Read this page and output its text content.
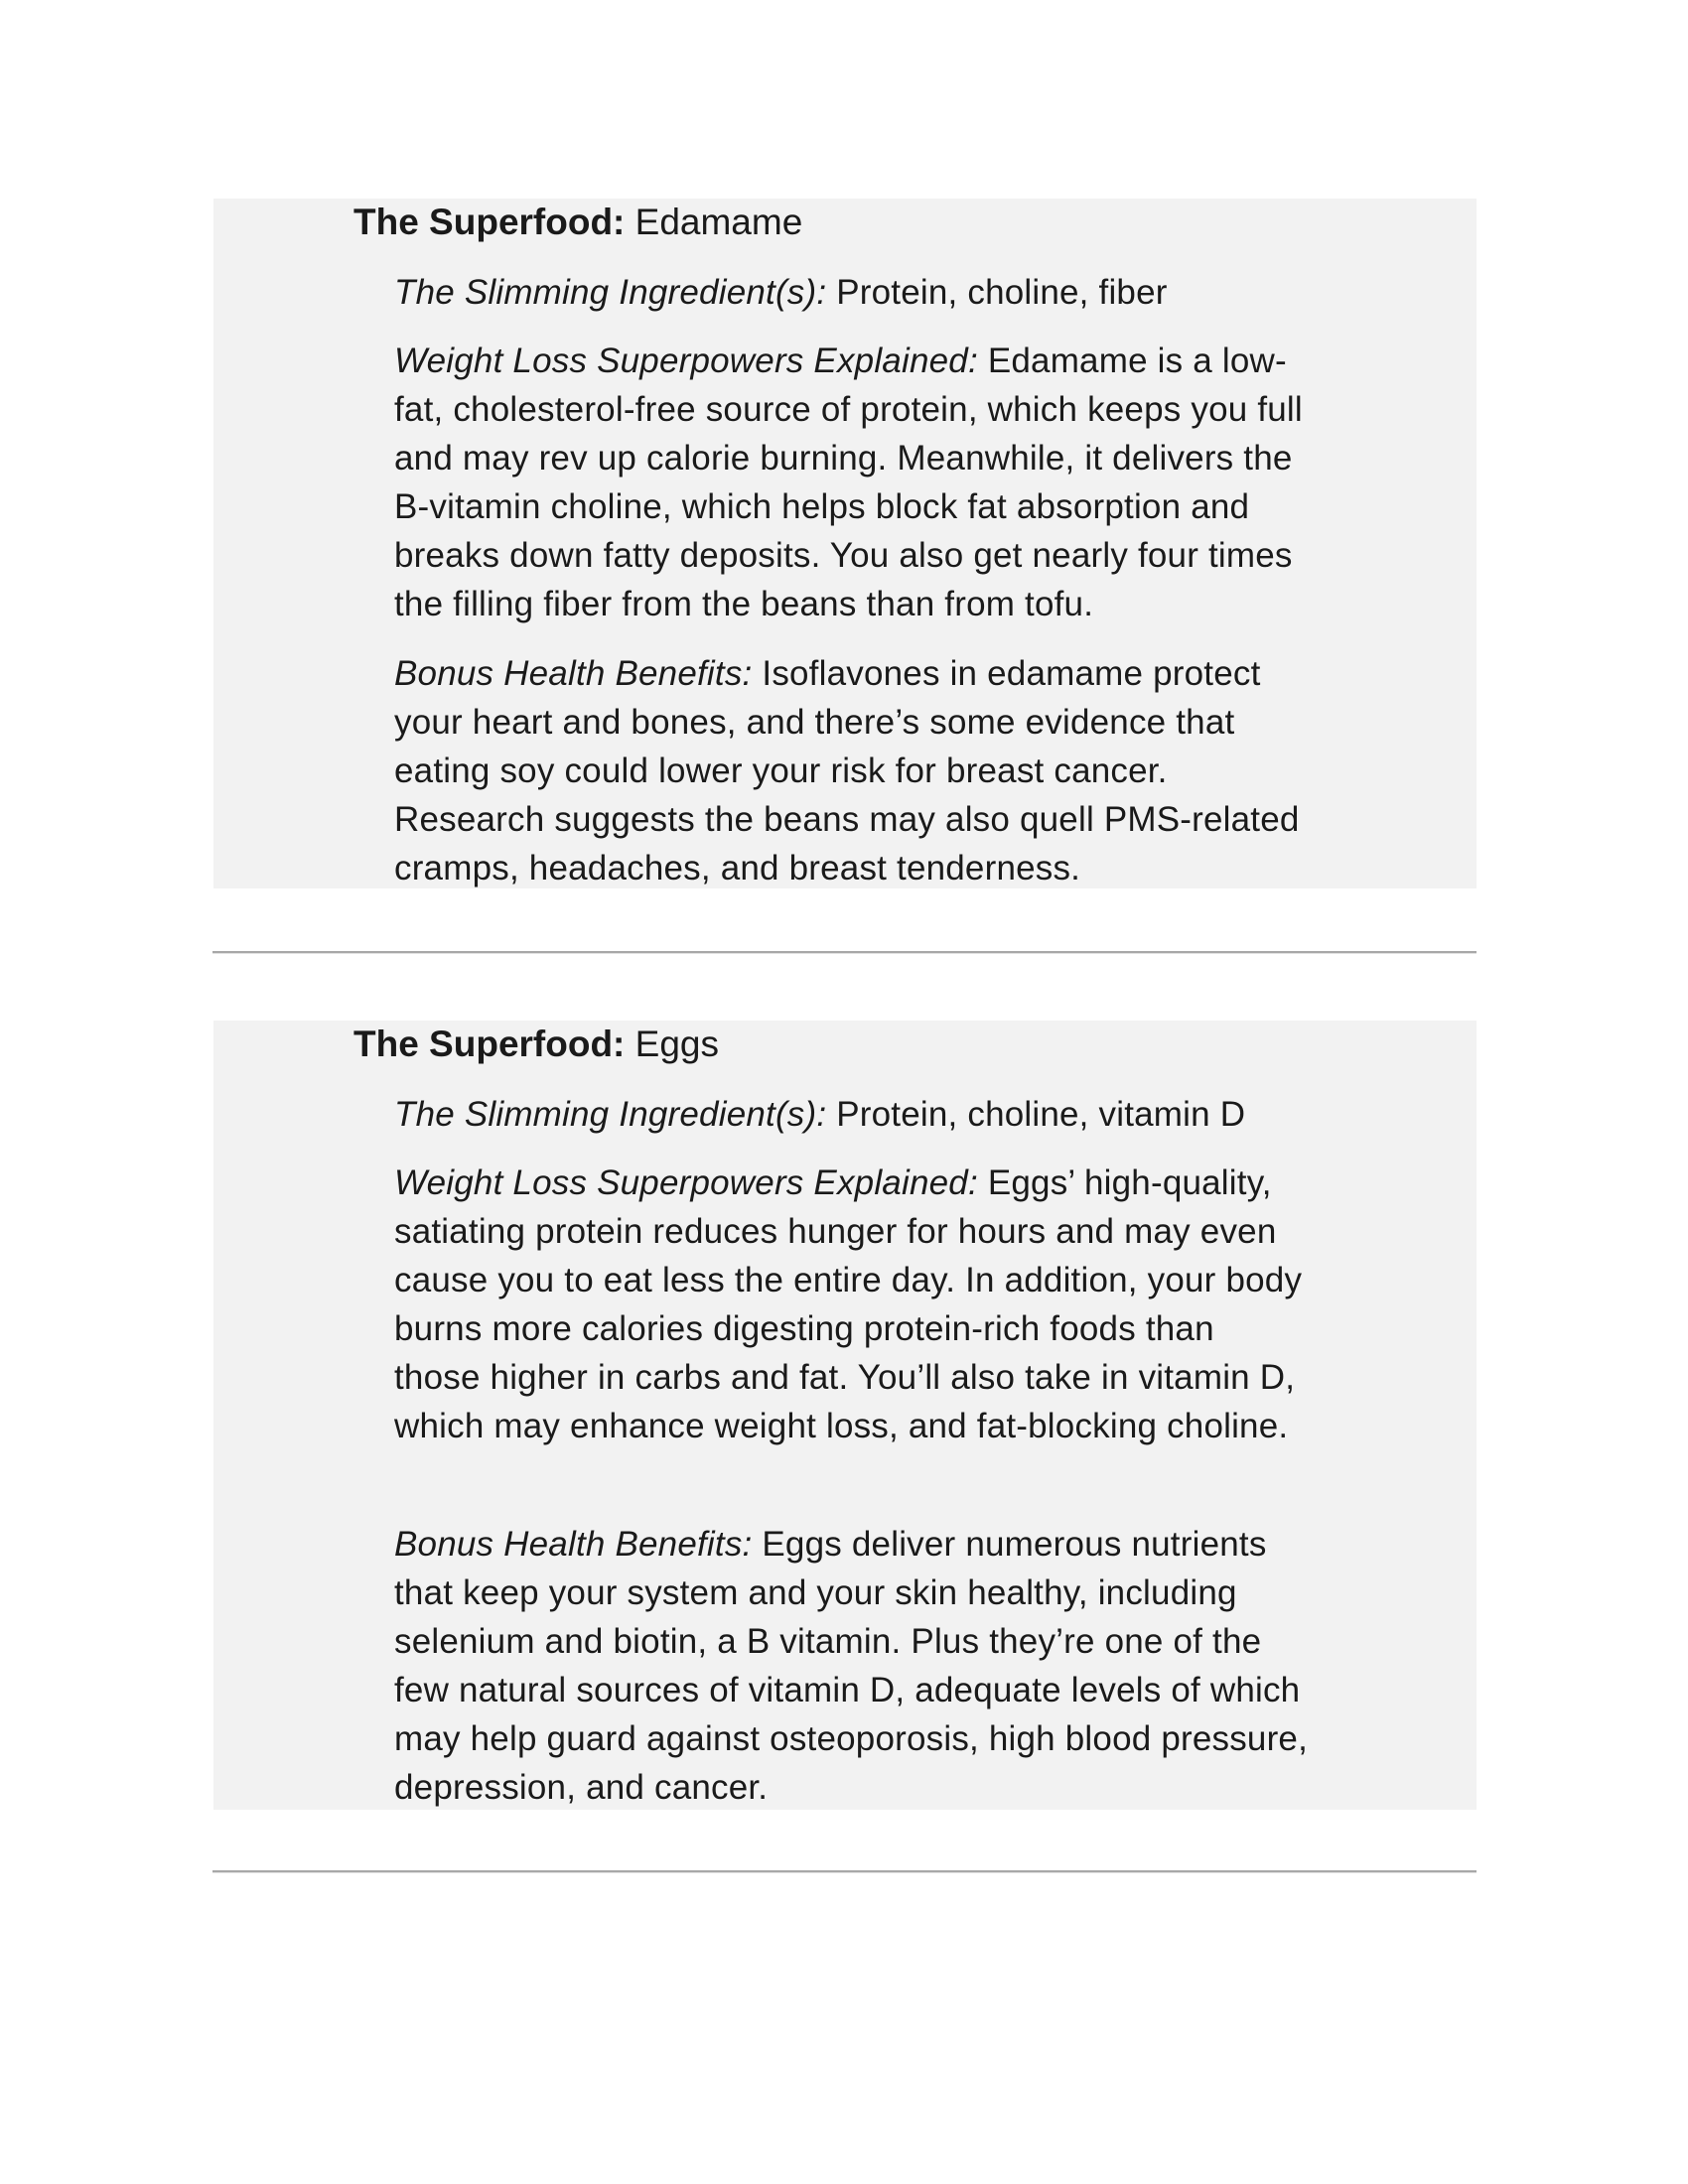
The Superfood: Edamame

The Slimming Ingredient(s): Protein, choline, fiber

Weight Loss Superpowers Explained: Edamame is a low-fat, cholesterol-free source of protein, which keeps you full and may rev up calorie burning. Meanwhile, it delivers the B-vitamin choline, which helps block fat absorption and breaks down fatty deposits. You also get nearly four times the filling fiber from the beans than from tofu.

Bonus Health Benefits: Isoflavones in edamame protect your heart and bones, and there’s some evidence that eating soy could lower your risk for breast cancer. Research suggests the beans may also quell PMS-related cramps, headaches, and breast tenderness.

The Superfood: Eggs

The Slimming Ingredient(s): Protein, choline, vitamin D

Weight Loss Superpowers Explained: Eggs’ high-quality, satiating protein reduces hunger for hours and may even cause you to eat less the entire day. In addition, your body burns more calories digesting protein-rich foods than those higher in carbs and fat. You’ll also take in vitamin D, which may enhance weight loss, and fat-blocking choline.

Bonus Health Benefits: Eggs deliver numerous nutrients that keep your system and your skin healthy, including selenium and biotin, a B vitamin. Plus they’re one of the few natural sources of vitamin D, adequate levels of which may help guard against osteoporosis, high blood pressure, depression, and cancer.
